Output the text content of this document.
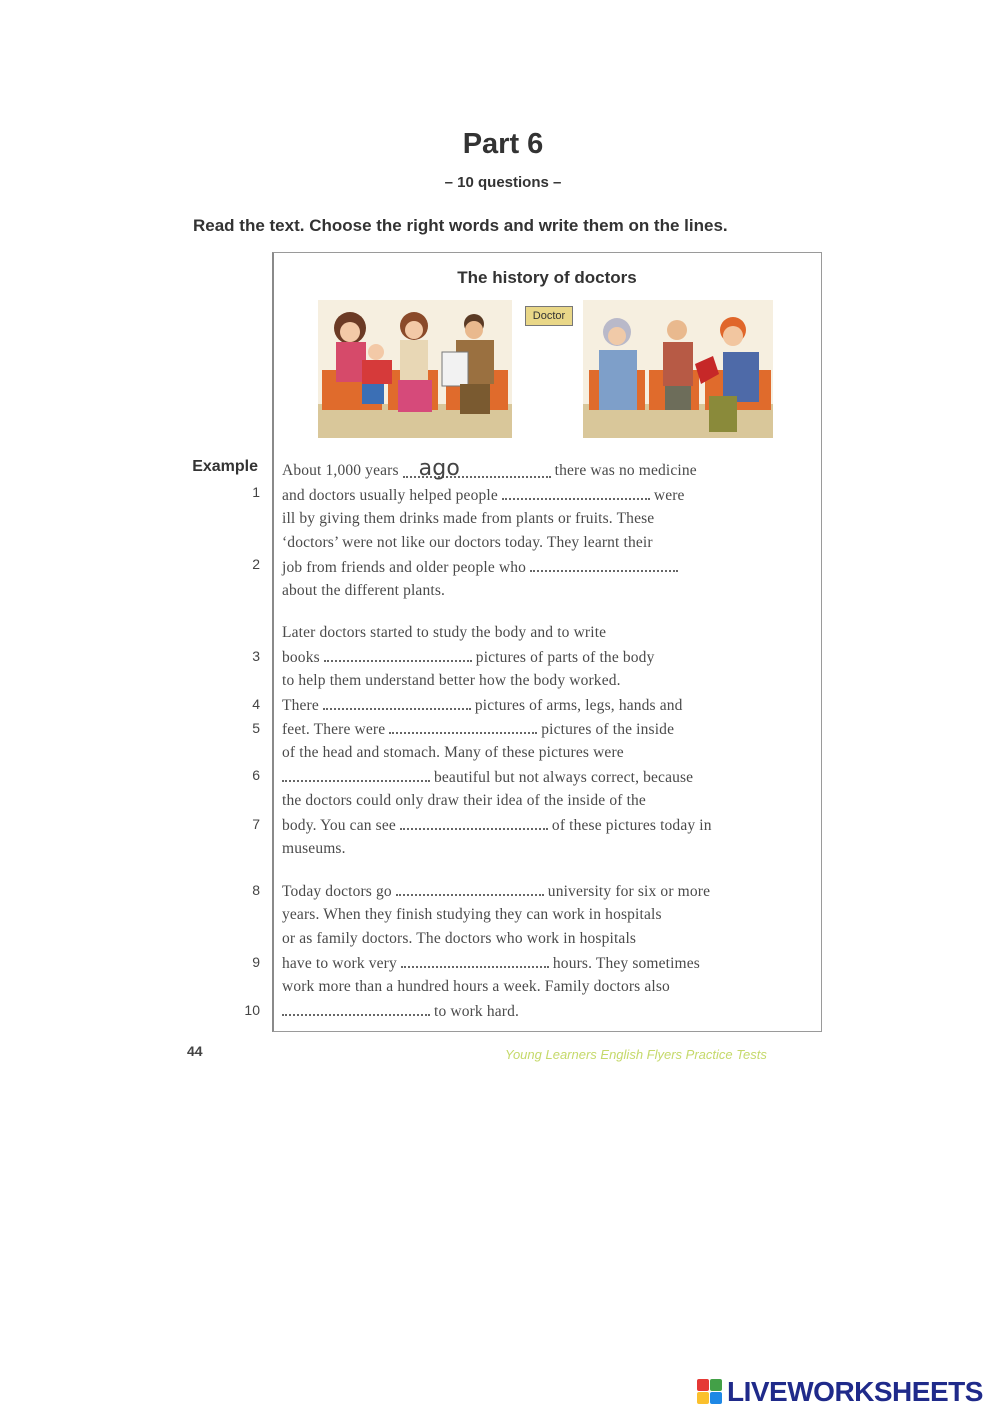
Part 6
– 10 questions –
Read the text. Choose the right words and write them on the lines.
The history of doctors
Doctor
Example
1
2
3
4
5
6
7
8
9
10
About 1,000 years ago	there was no medicine
and doctors usually helped people	were
ill by giving them drinks made from plants or fruits. These
‘doctors’ were not like our doctors today. They learnt their
job from friends and older people who
about the different plants.
Later doctors started to study the body and to write
books	pictures of parts of the body
to help them understand better how the body worked.
There	pictures of arms, legs, hands and
feet. There were	pictures of the inside
of the head and stomach. Many of these pictures were
beautiful but not always correct, because
the doctors could only draw their idea of the inside of the
body. You can see	of these pictures today in
museums.
Today doctors go	university for six or more
years. When they finish studying they can work in hospitals
or as family doctors. The doctors who work in hospitals
have to work very	hours. They sometimes
work more than a hundred hours a week. Family doctors also
to work hard.
44	Young Learners English Flyers Practice Tests
LIVEWORKSHEETS
